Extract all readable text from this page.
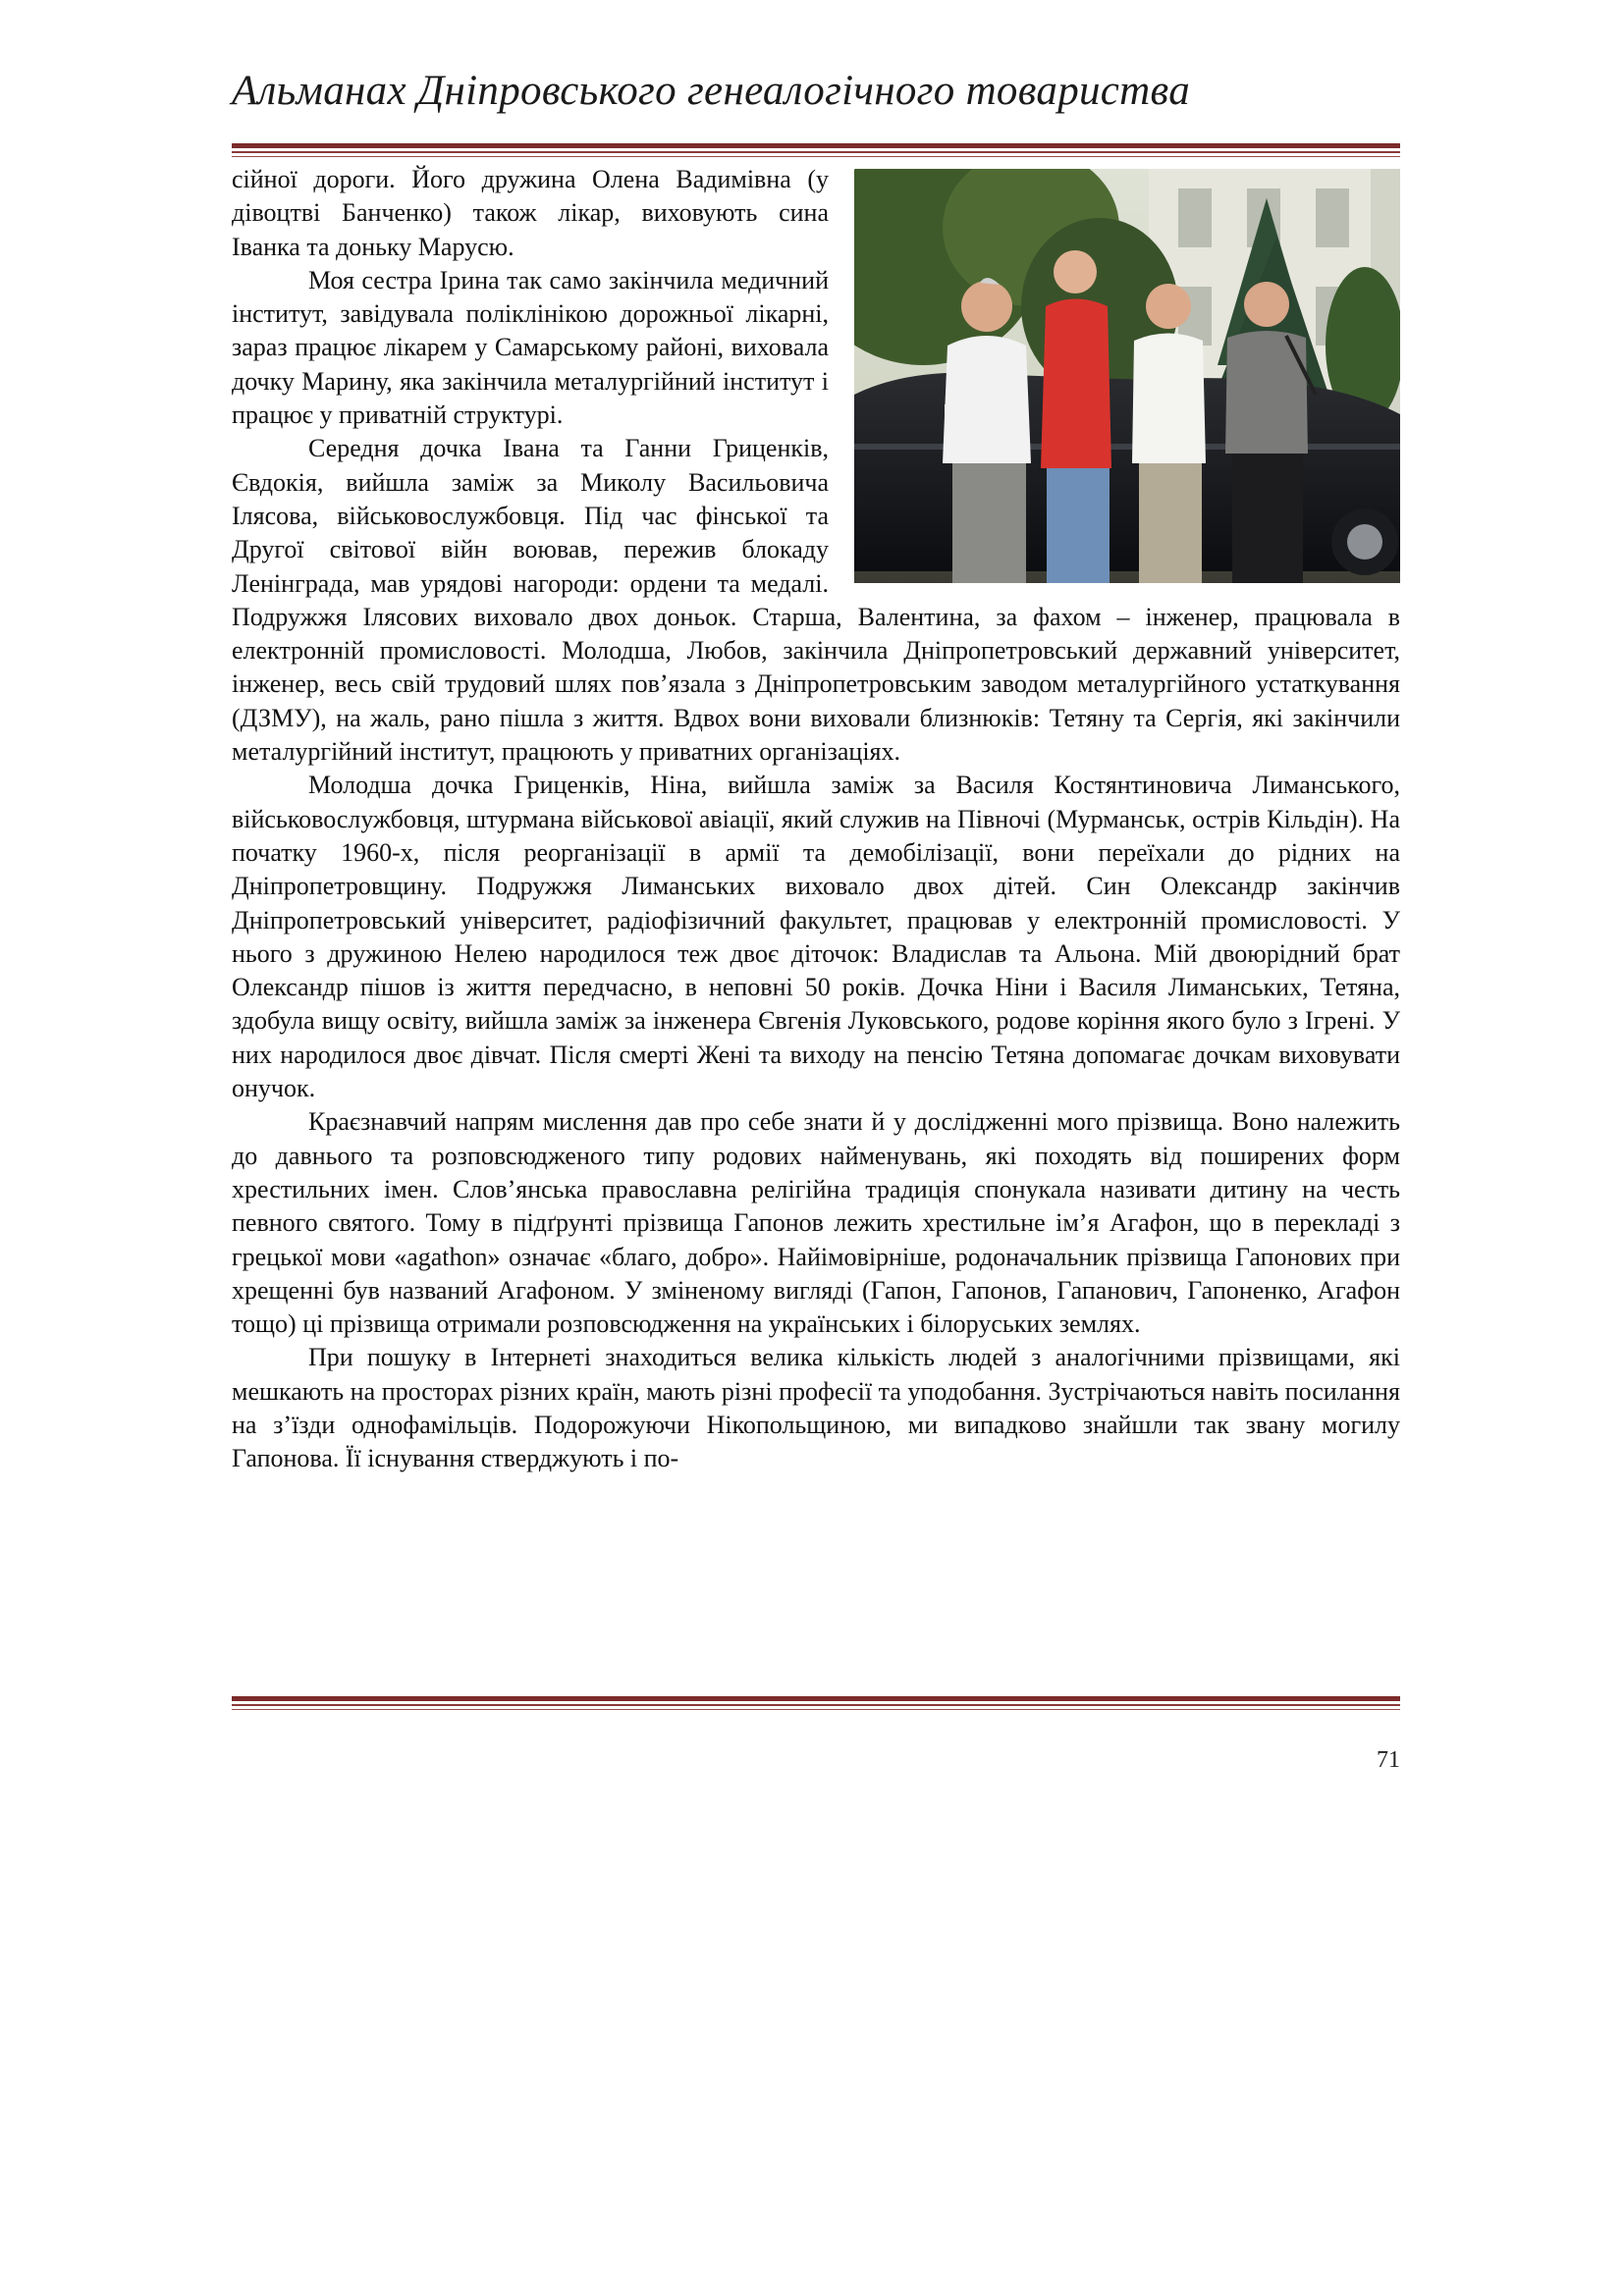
Альманах Дніпровського генеалогічного товариства

сійної дороги. Його дружина Олена Вадимівна (у дівоцтві Банченко) також лікар, виховують сина Іванка та доньку Марусю.

Моя сестра Ірина так само закінчила медичний інститут, завідувала поліклінікою дорожньої лікарні, зараз працює лікарем у Самарському районі, виховала дочку Марину, яка закінчила металургійний інститут і працює у приватній структурі.

Середня дочка Івана та Ганни Гриценків, Євдокія, вийшла заміж за Миколу Васильовича Ілясова, військовослужбовця. Під час фінської та Другої світової війн воював, пережив блокаду Ленінграда, мав урядові нагороди: ордени та медалі. Подружжя Ілясових виховало двох доньок. Старша, Валентина, за фахом – інженер, працювала в електронній промисловості. Молодша, Любов, закінчила Дніпропетровський державний університет, інженер, весь свій трудовий шлях пов’язала з Дніпропетровським заводом металургійного устаткування (ДЗМУ), на жаль, рано пішла з життя. Вдвох вони виховали близнюків: Тетяну та Сергія, які закінчили металургійний інститут, працюють у приватних організаціях.

Молодша дочка Гриценків, Ніна, вийшла заміж за Василя Костянтиновича Лиманського, військовослужбовця, штурмана військової авіації, який служив на Півночі (Мурманськ, острів Кільдін). На початку 1960-х, після реорганізації в армії та демобілізації, вони переїхали до рідних на Дніпропетровщину. Подружжя Лиманських виховало двох дітей. Син Олександр закінчив Дніпропетровський університет, радіофізичний факультет, працював у електронній промисловості. У нього з дружиною Нелею народилося теж двоє діточок: Владислав та Альона. Мій двоюрідний брат Олександр пішов із життя передчасно, в неповні 50 років. Дочка Ніни і Василя Лиманських, Тетяна, здобула вищу освіту, вийшла заміж за інженера Євгенія Луковського, родове коріння якого було з Ігрені. У них народилося двоє дівчат. Після смерті Жені та виходу на пенсію Тетяна допомагає дочкам виховувати онучок.

Краєзнавчий напрям мислення дав про себе знати й у дослідженні мого прізвища. Воно належить до давнього та розповсюдженого типу родових найменувань, які походять від поширених форм хрестильних імен. Слов’янська православна релігійна традиція спонукала називати дитину на честь певного святого. Тому в підґрунті прізвища Гапонов лежить хрестильне ім’я Агафон, що в перекладі з грецької мови «agathon» означає «благо, добро». Найімовірніше, родоначальник прізвища Гапонових при хрещенні був названий Агафоном. У зміненому вигляді (Гапон, Гапонов, Гапанович, Гапоненко, Агафон тощо) ці прізвища отримали розповсюдження на українських і білоруських землях.

При пошуку в Інтернеті знаходиться велика кількість людей з аналогічними прізвищами, які мешкають на просторах різних країн, мають різні професії та уподобання. Зустрічаються навіть посилання на з’їзди однофамільців. Подорожуючи Нікопольщиною, ми випадково знайшли так звану могилу Гапонова. Її існування стверджують і по-

71
